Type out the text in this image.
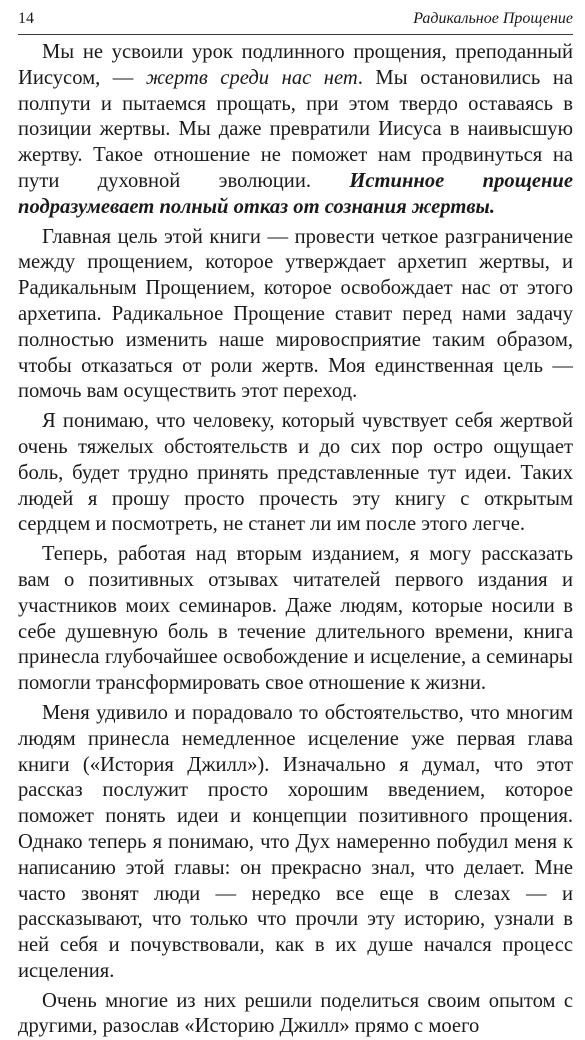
14	Радикальное Прощение

Мы не усвоили урок подлинного прощения, преподанный Иисусом, — жертв среди нас нет. Мы остановились на полпути и пытаемся прощать, при этом твердо оставаясь в позиции жертвы. Мы даже превратили Иисуса в наивысшую жертву. Такое отношение не поможет нам продвинуться на пути духовной эволюции. Истинное прощение подразумевает полный отказ от сознания жертвы.

Главная цель этой книги — провести четкое разграничение между прощением, которое утверждает архетип жертвы, и Радикальным Прощением, которое освобождает нас от этого архетипа. Радикальное Прощение ставит перед нами задачу полностью изменить наше мировосприятие таким образом, чтобы отказаться от роли жертв. Моя единственная цель — помочь вам осуществить этот переход.

Я понимаю, что человеку, который чувствует себя жертвой очень тяжелых обстоятельств и до сих пор остро ощущает боль, будет трудно принять представленные тут идеи. Таких людей я прошу просто прочесть эту книгу с открытым сердцем и посмотреть, не станет ли им после этого легче.

Теперь, работая над вторым изданием, я могу рассказать вам о позитивных отзывах читателей первого издания и участников моих семинаров. Даже людям, которые носили в себе душевную боль в течение длительного времени, книга принесла глубочайшее освобождение и исцеление, а семинары помогли трансформировать свое отношение к жизни.

Меня удивило и порадовало то обстоятельство, что многим людям принесла немедленное исцеление уже первая глава книги («История Джилл»). Изначально я думал, что этот рассказ послужит просто хорошим введением, которое поможет понять идеи и концепции позитивного прощения. Однако теперь я понимаю, что Дух намеренно побудил меня к написанию этой главы: он прекрасно знал, что делает. Мне часто звонят люди — нередко все еще в слезах — и рассказывают, что только что прочли эту историю, узнали в ней себя и почувствовали, как в их душе начался процесс исцеления.

Очень многие из них решили поделиться своим опытом с другими, разослав «Историю Джилл» прямо с моего
